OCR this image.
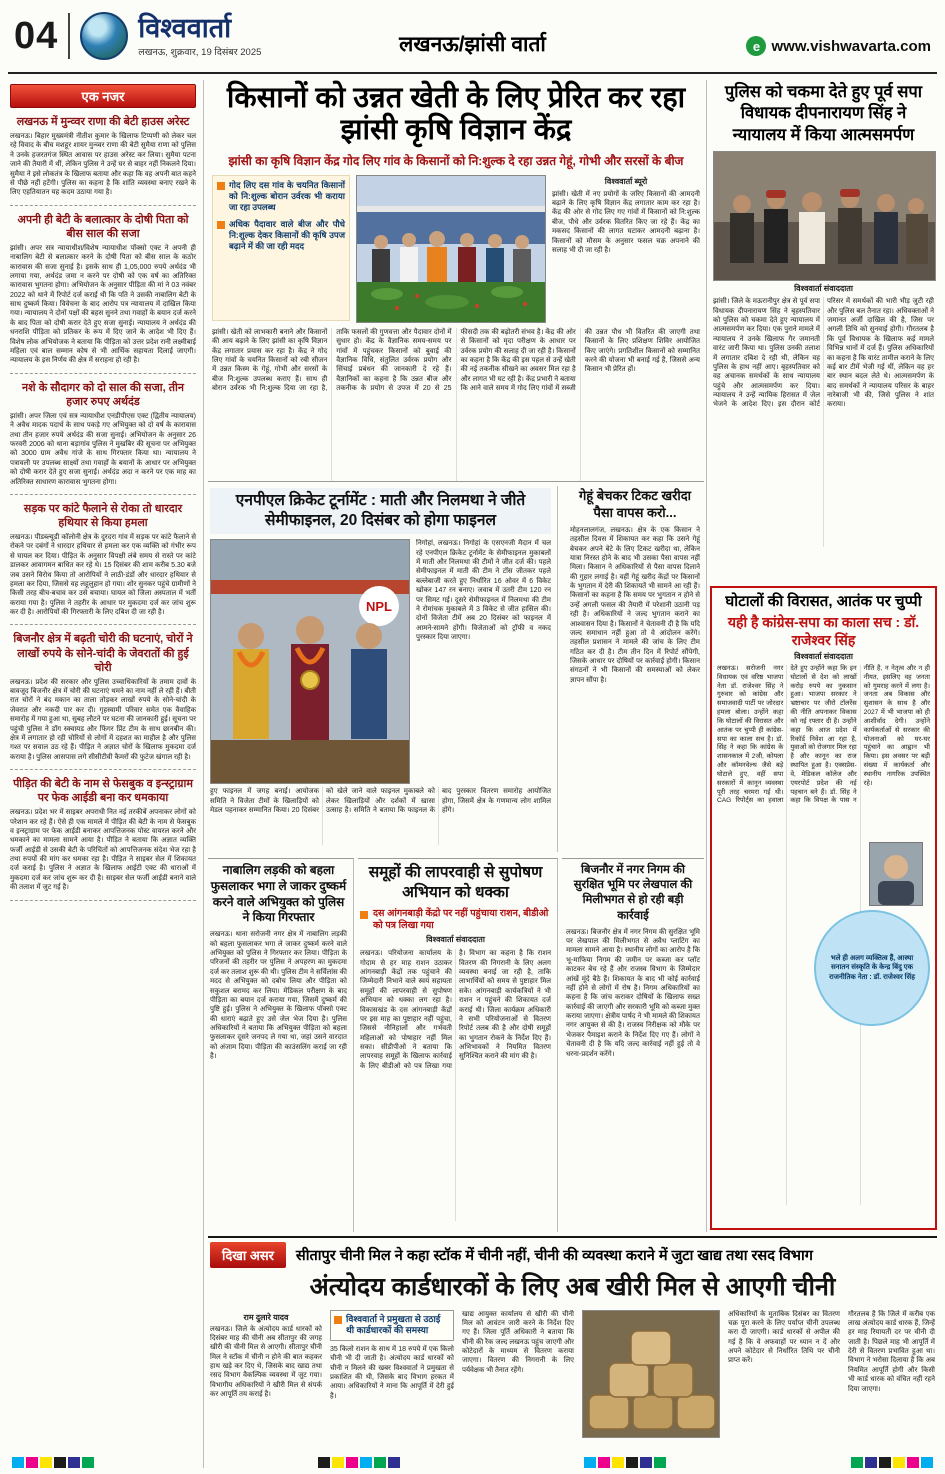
04	विश्ववार्ता
लखनऊ, शुक्रवार, 19 दिसंबर 2025	लखनऊ/झांसी वार्ता	e www.vishwavarta.com
एक नजर
लखनऊ में मुन्व्वर राणा की बेटी हाउस अरेस्ट

लखनऊ। बिहार मुख्यमंत्री नीतीश कुमार के खिलाफ टिप्पणी को लेकर चल रहे विवाद के बीच मशहूर शायर मुन्व्वर राणा की बेटी सुमैया राणा को पुलिस ने उनके हजरतगंज स्थित आवास पर हाउस अरेस्ट कर लिया। सुमैया पटना जाने की तैयारी में थीं, लेकिन पुलिस ने उन्हें घर से बाहर नहीं निकलने दिया। सुमैया ने इसे लोकतंत्र के खिलाफ बताया और कहा कि वह अपनी बात कहने से पीछे नहीं हटेंगी। पुलिस का कहना है कि शांति व्यवस्था बनाए रखने के लिए एहतियातन यह कदम उठाया गया है।

अपनी ही बेटी के बलात्कार के दोषी पिता को बीस साल की सजा

झांसी। अपर सत्र न्यायाधीश/विशेष न्यायाधीश पॉक्सो एक्ट ने अपनी ही नाबालिग बेटी से बलात्कार करने के दोषी पिता को बीस साल के कठोर कारावास की सजा सुनाई है। इसके साथ ही 1,05,000 रुपये अर्थदंड भी लगाया गया, अर्थदंड जमा न करने पर दोषी को एक वर्ष का अतिरिक्त कारावास भुगतना होगा। अभियोजन के अनुसार पीड़िता की मां ने 03 नवंबर 2022 को थाने में रिपोर्ट दर्ज कराई थी कि पति ने उसकी नाबालिग बेटी के साथ दुष्कर्म किया। विवेचना के बाद आरोप पत्र न्यायालय में दाखिल किया गया। न्यायालय ने दोनों पक्षों की बहस सुनने तथा गवाहों के बयान दर्ज करने के बाद पिता को दोषी करार देते हुए सजा सुनाई। न्यायालय ने अर्थदंड की धनराशि पीड़िता को प्रतिकर के रूप में दिए जाने के आदेश भी दिए हैं। विशेष लोक अभियोजक ने बताया कि पीड़िता को उत्तर प्रदेश रानी लक्ष्मीबाई महिला एवं बाल सम्मान कोष से भी आर्थिक सहायता दिलाई जाएगी। न्यायालय के इस निर्णय की क्षेत्र में सराहना हो रही है।

नशे के सौदागर को दो साल की सजा, तीन हजार रुपए अर्थदंड

झांसी। अपर जिला एवं सत्र न्यायाधीश एनडीपीएस एक्ट (द्वितीय न्यायालय) ने अवैध मादक पदार्थ के साथ पकड़े गए अभियुक्त को दो वर्ष के कारावास तथा तीन हजार रुपये अर्थदंड की सजा सुनाई। अभियोजन के अनुसार 26 फरवरी 2006 को थाना बड़ागांव पुलिस ने मुखबिर की सूचना पर अभियुक्त को 3000 ग्राम अवैध गांजे के साथ गिरफ्तार किया था। न्यायालय ने पत्रावली पर उपलब्ध साक्ष्यों तथा गवाहों के बयानों के आधार पर अभियुक्त को दोषी करार देते हुए सजा सुनाई। अर्थदंड अदा न करने पर एक माह का अतिरिक्त साधारण कारावास भुगतना होगा।

सड़क पर कांटे फैलाने से रोका तो धारदार हथियार से किया हमला

लखनऊ। पीडब्ल्यूडी कॉलोनी क्षेत्र के दुरदरा गांव में सड़क पर कांटे फैलाने से रोकने पर दबंगों ने धारदार हथियार से हमला कर एक व्यक्ति को गंभीर रूप से घायल कर दिया। पीड़ित के अनुसार विपक्षी लंबे समय से रास्ते पर कांटे डालकर आवागमन बाधित कर रहे थे। 15 दिसंबर की शाम करीब 5.30 बजे जब उसने विरोध किया तो आरोपियों ने लाठी-डंडों और धारदार हथियार से हमला कर दिया, जिससे वह लहूलुहान हो गया। शोर सुनकर पहुंचे ग्रामीणों ने किसी तरह बीच-बचाव कर उसे बचाया। घायल को जिला अस्पताल में भर्ती कराया गया है। पुलिस ने तहरीर के आधार पर मुकदमा दर्ज कर जांच शुरू कर दी है। आरोपियों की गिरफ्तारी के लिए दबिश दी जा रही है।

बिजनौर क्षेत्र में बढ़ती चोरी की घटनाएं, चोरों ने लाखों रुपये के सोने-चांदी के जेवरातों की हुई चोरी

लखनऊ। प्रदेश की सरकार और पुलिस उच्चाधिकारियों के तमाम दावों के बावजूद बिजनौर क्षेत्र में चोरी की घटनाएं थमने का नाम नहीं ले रही हैं। बीती रात चोरों ने बंद मकान का ताला तोड़कर लाखों रुपये के सोने-चांदी के जेवरात और नकदी पार कर दी। गृहस्वामी परिवार समेत एक वैवाहिक समारोह में गया हुआ था, सुबह लौटने पर घटना की जानकारी हुई। सूचना पर पहुंची पुलिस ने डॉग स्क्वायड और फिंगर प्रिंट टीम के साथ छानबीन की। क्षेत्र में लगातार हो रही चोरियों से लोगों में दहशत का माहौल है और पुलिस गश्त पर सवाल उठ रहे हैं। पीड़ित ने अज्ञात चोरों के खिलाफ मुकदमा दर्ज कराया है। पुलिस आसपास लगे सीसीटीवी कैमरों की फुटेज खंगाल रही है।

पीड़ित की बेटी के नाम से फेसबुक व इन्स्ट्राग्राम पर फेक आईडी बना कर धमकाया

लखनऊ। प्रदेश भर में साइबर अपराधी नित नई तरकीबें अपनाकर लोगों को परेशान कर रहे हैं। ऐसे ही एक मामले में पीड़ित की बेटी के नाम से फेसबुक व इन्स्ट्राग्राम पर फेक आईडी बनाकर आपत्तिजनक पोस्ट वायरल करने और धमकाने का मामला सामने आया है। पीड़ित ने बताया कि अज्ञात व्यक्ति फर्जी आईडी से उसकी बेटी के परिचितों को आपत्तिजनक संदेश भेज रहा है तथा रुपयों की मांग कर धमका रहा है। पीड़ित ने साइबर सेल में शिकायत दर्ज कराई है। पुलिस ने अज्ञात के खिलाफ आईटी एक्ट की धाराओं में मुकदमा दर्ज कर जांच शुरू कर दी है। साइबर सेल फर्जी आईडी बनाने वाले की तलाश में जुट गई है।

किसानों को उन्नत खेती के लिए प्रेरित कर रहा झांसी कृषि विज्ञान केंद्र
झांसी का कृषि विज्ञान केंद्र गोद लिए गांव के किसानों को नि:शुल्क दे रहा उन्नत गेहूं, गोभी और सरसों के बीज
गोद लिए दस गांव के चयनित किसानों को नि:शुल्क बोरान उर्वरक भी कराया जा रहा उपलब्ध
अधिक पैदावार वाले बीज और पौधे नि:शुल्क देकर किसानों की कृषि उपज बढ़ाने में की जा रही मदद
विश्ववार्ता ब्यूरो
झांसी। खेती में नए प्रयोगों के जरिए किसानों की आमदनी बढ़ाने के लिए कृषि विज्ञान केंद्र लगातार काम कर रहा है। केंद्र की ओर से गोद लिए गए गांवों में किसानों को नि:शुल्क बीज, पौधे और उर्वरक वितरित किए जा रहे हैं। केंद्र का मकसद किसानों की लागत घटाकर आमदनी बढ़ाना है। किसानों को मौसम के अनुसार फसल चक्र अपनाने की सलाह भी दी जा रही है।
झांसी। खेती को लाभकारी बनाने और किसानों की आय बढ़ाने के लिए झांसी का कृषि विज्ञान केंद्र लगातार प्रयास कर रहा है। केंद्र ने गोद लिए गांवों के चयनित किसानों को रबी सीजन में उन्नत किस्म के गेहूं, गोभी और सरसों के बीज नि:शुल्क उपलब्ध कराए हैं। साथ ही बोरान उर्वरक भी नि:शुल्क दिया जा रहा है, ताकि फसलों की गुणवत्ता और पैदावार दोनों में सुधार हो। केंद्र के वैज्ञानिक समय-समय पर गांवों में पहुंचकर किसानों को बुवाई की वैज्ञानिक विधि, संतुलित उर्वरक प्रयोग और सिंचाई प्रबंधन की जानकारी दे रहे हैं। वैज्ञानिकों का कहना है कि उन्नत बीज और तकनीक के प्रयोग से उपज में 20 से 25 फीसदी तक की बढ़ोतरी संभव है। केंद्र की ओर से किसानों को मृदा परीक्षण के आधार पर उर्वरक प्रयोग की सलाह दी जा रही है। किसानों का कहना है कि केंद्र की इस पहल से उन्हें खेती की नई तकनीक सीखने का अवसर मिल रहा है और लागत भी घट रही है। केंद्र प्रभारी ने बताया कि आने वाले समय में गोद लिए गांवों में सब्जी की उन्नत पौध भी वितरित की जाएगी तथा किसानों के लिए प्रशिक्षण शिविर आयोजित किए जाएंगे। प्रगतिशील किसानों को सम्मानित करने की योजना भी बनाई गई है, जिससे अन्य किसान भी प्रेरित हों।
पुलिस को चकमा देते हुए पूर्व सपा विधायक दीपनारायण सिंह ने न्यायालय में किया आत्मसमर्पण
विश्ववार्ता संवाददाता
झांसी। जिले के मऊरानीपुर क्षेत्र से पूर्व सपा विधायक दीपनारायण सिंह ने बृहस्पतिवार को पुलिस को चकमा देते हुए न्यायालय में आत्मसमर्पण कर दिया। एक पुराने मामले में न्यायालय ने उनके खिलाफ गैर जमानती वारंट जारी किया था। पुलिस उनकी तलाश में लगातार दबिश दे रही थी, लेकिन वह पुलिस के हाथ नहीं आए। बृहस्पतिवार को वह अचानक समर्थकों के साथ न्यायालय पहुंचे और आत्मसमर्पण कर दिया। न्यायालय ने उन्हें न्यायिक हिरासत में जेल भेजने के आदेश दिए। इस दौरान कोर्ट परिसर में समर्थकों की भारी भीड़ जुटी रही और पुलिस बल तैनात रहा। अधिवक्ताओं ने जमानत अर्जी दाखिल की है, जिस पर अगली तिथि को सुनवाई होगी। गौरतलब है कि पूर्व विधायक के खिलाफ कई मामले विभिन्न थानों में दर्ज हैं। पुलिस अधिकारियों का कहना है कि वारंट तामील कराने के लिए कई बार टीमें भेजी गई थीं, लेकिन वह हर बार स्थान बदल लेते थे। आत्मसमर्पण के बाद समर्थकों ने न्यायालय परिसर के बाहर नारेबाजी भी की, जिसे पुलिस ने शांत कराया।
एनपीएल क्रिकेट टूर्नामेंट : माती और निलमथा ने जीते सेमीफाइनल, 20 दिसंबर को होगा फाइनल
NPL
निगोहां, लखनऊ। निगोहां के एसएनजी मैदान में चल रहे एनपीएल क्रिकेट टूर्नामेंट के सेमीफाइनल मुकाबलों में माती और निलमथा की टीमों ने जीत दर्ज की। पहले सेमीफाइनल में माती की टीम ने टॉस जीतकर पहले बल्लेबाजी करते हुए निर्धारित 16 ओवर में 6 विकेट खोकर 147 रन बनाए। जवाब में उतरी टीम 120 रन पर सिमट गई। दूसरे सेमीफाइनल में निलमथा की टीम ने रोमांचक मुकाबले में 3 विकेट से जीत हासिल की। दोनों विजेता टीमें अब 20 दिसंबर को फाइनल में आमने-सामने होंगी। विजेताओं को ट्रॉफी व नकद पुरस्कार दिया जाएगा।
हुए फाइनल में जगह बनाई। आयोजक समिति ने विजेता टीमों के खिलाड़ियों को मेडल पहनाकर सम्मानित किया। 20 दिसंबर को खेले जाने वाले फाइनल मुकाबले को लेकर खिलाड़ियों और दर्शकों में खासा उत्साह है। समिति ने बताया कि फाइनल के बाद पुरस्कार वितरण समारोह आयोजित होगा, जिसमें क्षेत्र के गणमान्य लोग शामिल होंगे।
गेहूं बेचकर टिकट खरीदा पैसा वापस करो...
मोहनलालगंज, लखनऊ। क्षेत्र के एक किसान ने तहसील दिवस में शिकायत कर कहा कि उसने गेहूं बेचकर अपने बेटे के लिए टिकट खरीदा था, लेकिन यात्रा निरस्त होने के बाद भी उसका पैसा वापस नहीं मिला। किसान ने अधिकारियों से पैसा वापस दिलाने की गुहार लगाई है। वहीं गेहूं खरीद केंद्रों पर किसानों के भुगतान में देरी की शिकायतें भी सामने आ रही हैं। किसानों का कहना है कि समय पर भुगतान न होने से उन्हें अगली फसल की तैयारी में परेशानी उठानी पड़ रही है। अधिकारियों ने जल्द भुगतान कराने का आश्वासन दिया है। किसानों ने चेतावनी दी है कि यदि जल्द समाधान नहीं हुआ तो वे आंदोलन करेंगे। तहसील प्रशासन ने मामले की जांच के लिए टीम गठित कर दी है। टीम तीन दिन में रिपोर्ट सौंपेगी, जिसके आधार पर दोषियों पर कार्रवाई होगी। किसान संगठनों ने भी किसानों की समस्याओं को लेकर ज्ञापन सौंपा है।
नाबालिग लड़की को बहला फुसलाकर भगा ले जाकर दुष्कर्म करने वाले अभियुक्त को पुलिस ने किया गिरफ्तार
लखनऊ। थाना सरोजनी नगर क्षेत्र में नाबालिग लड़की को बहला फुसलाकर भगा ले जाकर दुष्कर्म करने वाले अभियुक्त को पुलिस ने गिरफ्तार कर लिया। पीड़िता के परिजनों की तहरीर पर पुलिस ने अपहरण का मुकदमा दर्ज कर तलाश शुरू की थी। पुलिस टीम ने सर्विलांस की मदद से अभियुक्त को दबोच लिया और पीड़िता को सकुशल बरामद कर लिया। मेडिकल परीक्षण के बाद पीड़िता का बयान दर्ज कराया गया, जिसमें दुष्कर्म की पुष्टि हुई। पुलिस ने अभियुक्त के खिलाफ पॉक्सो एक्ट की धाराएं बढ़ाते हुए उसे जेल भेज दिया है। पुलिस अधिकारियों ने बताया कि अभियुक्त पीड़िता को बहला फुसलाकर दूसरे जनपद ले गया था, जहां उसने वारदात को अंजाम दिया। पीड़िता की काउंसलिंग कराई जा रही है।
समूहों की लापरवाही से सुपोषण अभियान को धक्का
दस आंगनबाड़ी केंद्रो पर नहीं पहुंचाया राशन, बीडीओ को पत्र लिखा गया
विश्ववार्ता संवाददाता
लखनऊ। परियोजना कार्यालय के गोदाम से हर माह राशन उठाकर आंगनबाड़ी केंद्रों तक पहुंचाने की जिम्मेदारी निभाने वाले स्वयं सहायता समूहों की लापरवाही से सुपोषण अभियान को धक्का लग रहा है। विकासखंड के दस आंगनबाड़ी केंद्रों पर इस माह का पुष्टाहार नहीं पहुंचा, जिससे नौनिहालों और गर्भवती महिलाओं को पोषाहार नहीं मिल सका। सीडीपीओ ने बताया कि लापरवाह समूहों के खिलाफ कार्रवाई के लिए बीडीओ को पत्र लिखा गया है। विभाग का कहना है कि राशन वितरण की निगरानी के लिए अलग व्यवस्था बनाई जा रही है, ताकि लाभार्थियों को समय से पुष्टाहार मिल सके। आंगनबाड़ी कार्यकत्रियों ने भी राशन न पहुंचने की शिकायत दर्ज कराई थी। जिला कार्यक्रम अधिकारी ने सभी परियोजनाओं से वितरण रिपोर्ट तलब की है और दोषी समूहों का भुगतान रोकने के निर्देश दिए हैं। अभिभावकों ने नियमित वितरण सुनिश्चित कराने की मांग की है।
बिजनौर में नगर निगम की सुरक्षित भूमि पर लेखपाल की मिलीभगत से हो रही बड़ी कार्रवाई
लखनऊ। बिजनौर क्षेत्र में नगर निगम की सुरक्षित भूमि पर लेखपाल की मिलीभगत से अवैध प्लाटिंग का मामला सामने आया है। स्थानीय लोगों का आरोप है कि भू-माफिया निगम की जमीन पर कब्जा कर प्लॉट काटकर बेच रहे हैं और राजस्व विभाग के जिम्मेदार आंखें मूंदे बैठे हैं। शिकायत के बाद भी कोई कार्रवाई नहीं होने से लोगों में रोष है। निगम अधिकारियों का कहना है कि जांच कराकर दोषियों के खिलाफ सख्त कार्रवाई की जाएगी और सरकारी भूमि को कब्जा मुक्त कराया जाएगा। क्षेत्रीय पार्षद ने भी मामले की शिकायत नगर आयुक्त से की है। राजस्व निरीक्षक को मौके पर भेजकर पैमाइश कराने के निर्देश दिए गए हैं। लोगों ने चेतावनी दी है कि यदि जल्द कार्रवाई नहीं हुई तो वे धरना-प्रदर्शन करेंगे।
घोटालों की विरासत, आतंक पर चुप्पी
यही है कांग्रेस-सपा का काला सच : डॉ. राजेश्वर सिंह
विश्ववार्ता संवाददाता
लखनऊ। सरोजनी नगर विधायक एवं वरिष्ठ भाजपा नेता डॉ. राजेश्वर सिंह ने गुरुवार को कांग्रेस और समाजवादी पार्टी पर जोरदार हमला बोला। उन्होंने कहा कि घोटालों की विरासत और आतंक पर चुप्पी ही कांग्रेस-सपा का काला सच है। डॉ. सिंह ने कहा कि कांग्रेस के शासनकाल में 2जी, कोयला और कॉमनवेल्थ जैसे बड़े घोटाले हुए, वहीं सपा सरकारों में कानून व्यवस्था पूरी तरह चरमरा गई थी। CAG रिपोर्ट्स का हवाला देते हुए उन्होंने कहा कि इन घोटालों से देश को लाखों करोड़ रुपये का नुकसान हुआ। भाजपा सरकार ने भ्रष्टाचार पर जीरो टॉलरेंस की नीति अपनाकर विकास को नई रफ्तार दी है। उन्होंने कहा कि आज प्रदेश में रिकॉर्ड निवेश आ रहा है, युवाओं को रोजगार मिल रहा है और कानून का राज स्थापित हुआ है। एक्सप्रेस-वे, मेडिकल कॉलेज और एयरपोर्ट प्रदेश की नई पहचान बने हैं। डॉ. सिंह ने कहा कि विपक्ष के पास न नीति है, न नेतृत्व और न ही नीयत, इसलिए वह जनता को गुमराह करने में लगा है। जनता अब विकास और सुशासन के साथ है और 2027 में भी भाजपा को ही आशीर्वाद देगी। उन्होंने कार्यकर्ताओं से सरकार की योजनाओं को घर-घर पहुंचाने का आह्वान भी किया। इस अवसर पर बड़ी संख्या में कार्यकर्ता और स्थानीय नागरिक उपस्थित रहे।
भले ही अलग व्यक्तित्व हैं, आस्था सनातन संस्कृति के केन्द्र बिंदु एक राजनीतिक नेता : डॉ. राजेश्वर सिंह
दिखा असर	सीतापुर चीनी मिल ने कहा स्टॉक में चीनी नहीं, चीनी की व्यवस्था कराने में जुटा खाद्य तथा रसद विभाग
अंत्योदय कार्डधारकों के लिए अब खीरी मिल से आएगी चीनी
राम दुलारे यादव
लखनऊ। जिले के अंत्योदय कार्ड धारकों को दिसंबर माह की चीनी अब सीतापुर की जगह खीरी की चीनी मिल से आएगी। सीतापुर चीनी मिल ने स्टॉक में चीनी न होने की बात कहकर हाथ खड़े कर दिए थे, जिसके बाद खाद्य तथा रसद विभाग वैकल्पिक व्यवस्था में जुट गया। विभागीय अधिकारियों ने खीरी मिल से संपर्क कर आपूर्ति तय कराई है।
विश्ववार्ता ने प्रमुखता से उठाई थी कार्डधारकों की समस्या
35 किलो राशन के साथ में 18 रुपये में एक किलो चीनी भी दी जाती है। अंत्योदय कार्ड धारकों को चीनी न मिलने की खबर विश्ववार्ता ने प्रमुखता से प्रकाशित की थी, जिसके बाद विभाग हरकत में आया। अधिकारियों ने माना कि आपूर्ति में देरी हुई है।
खाद्य आयुक्त कार्यालय से खीरी की चीनी मिल को आवंटन जारी करने के निर्देश दिए गए हैं। जिला पूर्ति अधिकारी ने बताया कि चीनी की रैक जल्द लखनऊ पहुंच जाएगी और कोटेदारों के माध्यम से वितरण कराया जाएगा। वितरण की निगरानी के लिए पर्यवेक्षक भी तैनात रहेंगे।
अधिकारियों के मुताबिक दिसंबर का वितरण चक्र पूरा करने के लिए पर्याप्त चीनी उपलब्ध करा दी जाएगी। कार्ड धारकों से अपील की गई है कि वे अफवाहों पर ध्यान न दें और अपने कोटेदार से निर्धारित तिथि पर चीनी प्राप्त करें।
गौरतलब है कि जिले में करीब एक लाख अंत्योदय कार्ड धारक हैं, जिन्हें हर माह रियायती दर पर चीनी दी जाती है। पिछले माह भी आपूर्ति में देरी से वितरण प्रभावित हुआ था। विभाग ने भरोसा दिलाया है कि अब नियमित आपूर्ति होगी और किसी भी कार्ड धारक को वंचित नहीं रहने दिया जाएगा।
